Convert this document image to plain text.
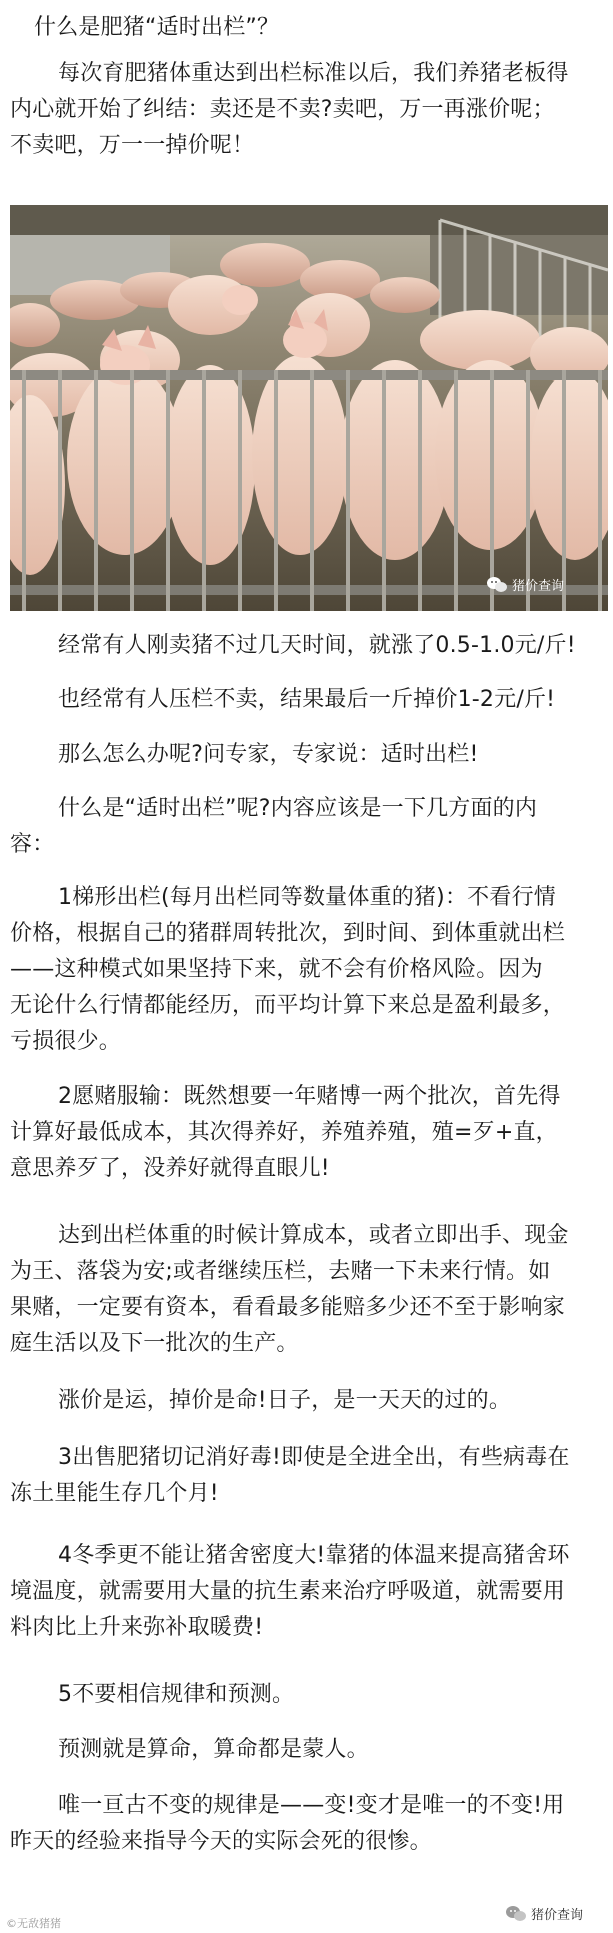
什么是肥猪“适时出栏”？
每次育肥猪体重达到出栏标准以后，我们养猪老板得
内心就开始了纠结：卖还是不卖?卖吧，万一再涨价呢；
不卖吧，万一一掉价呢！
猪价查询
经常有人刚卖猪不过几天时间，就涨了0.5-1.0元/斤!
也经常有人压栏不卖，结果最后一斤掉价1-2元/斤!
那么怎么办呢?问专家，专家说：适时出栏!
什么是“适时出栏”呢?内容应该是一下几方面的内
容：
1梯形出栏(每月出栏同等数量体重的猪)：不看行情
价格，根据自己的猪群周转批次，到时间、到体重就出栏
——这种模式如果坚持下来，就不会有价格风险。因为
无论什么行情都能经历，而平均计算下来总是盈利最多，
亏损很少。
2愿赌服输：既然想要一年赌博一两个批次，首先得
计算好最低成本，其次得养好，养殖养殖，殖=歹+直，
意思养歹了，没养好就得直眼儿!
达到出栏体重的时候计算成本，或者立即出手、现金
为王、落袋为安;或者继续压栏，去赌一下未来行情。如
果赌，一定要有资本，看看最多能赔多少还不至于影响家
庭生活以及下一批次的生产。
涨价是运，掉价是命!日子，是一天天的过的。
3出售肥猪切记消好毒!即使是全进全出，有些病毒在
冻土里能生存几个月!
4冬季更不能让猪舍密度大!靠猪的体温来提高猪舍环
境温度，就需要用大量的抗生素来治疗呼吸道，就需要用
料肉比上升来弥补取暖费!
5不要相信规律和预测。
预测就是算命，算命都是蒙人。
唯一亘古不变的规律是——变!变才是唯一的不变!用
昨天的经验来指导今天的实际会死的很惨。
猪价查询
©无敌猪猪
